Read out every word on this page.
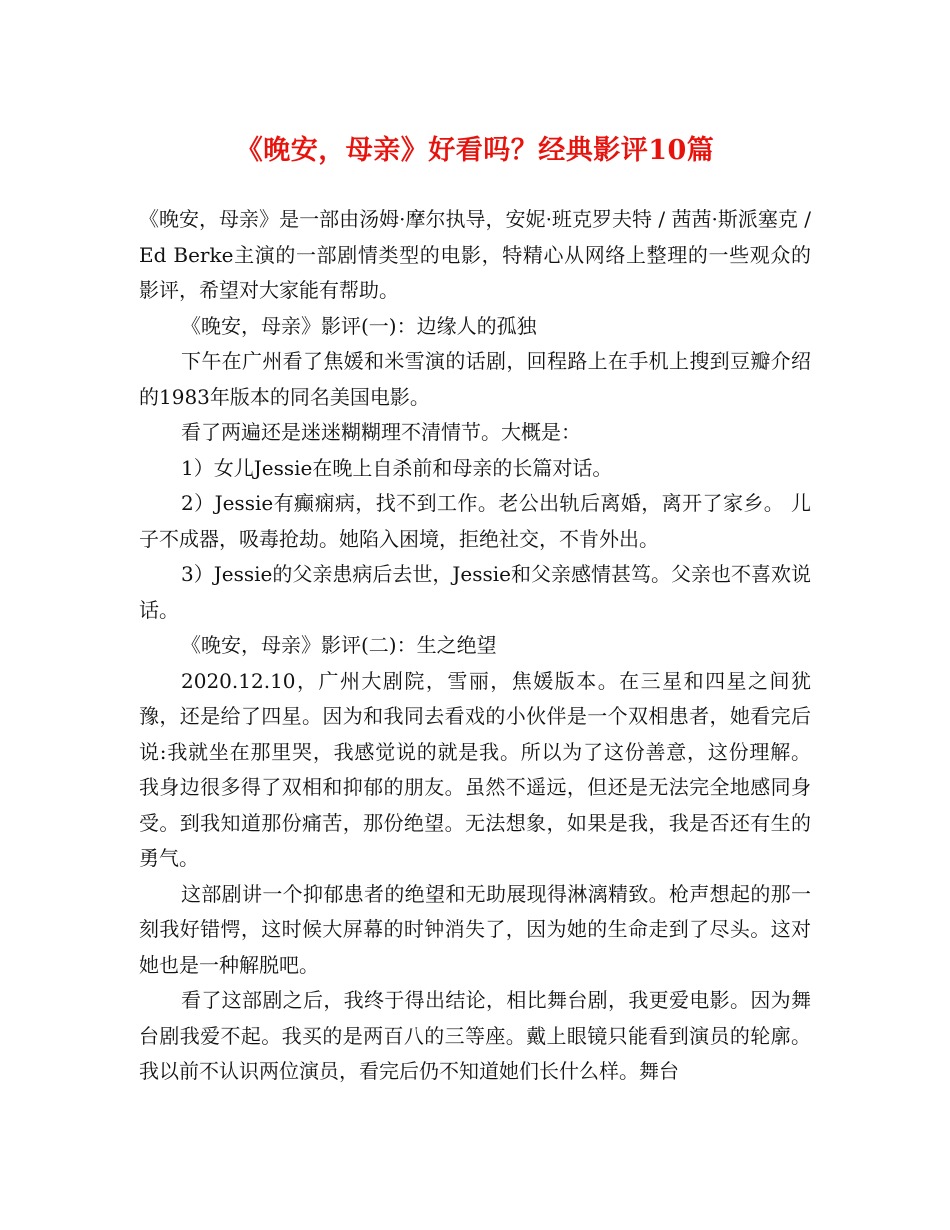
《晚安，母亲》好看吗？经典影评10篇

《晚安，母亲》是一部由汤姆·摩尔执导，安妮·班克罗夫特 / 茜茜·斯派塞克 / Ed Berke主演的一部剧情类型的电影，特精心从网络上整理的一些观众的影评，希望对大家能有帮助。

《晚安，母亲》影评(一)：边缘人的孤独

下午在广州看了焦媛和米雪演的话剧，回程路上在手机上搜到豆瓣介绍的1983年版本的同名美国电影。

看了两遍还是迷迷糊糊理不清情节。大概是：

1）女儿Jessie在晚上自杀前和母亲的长篇对话。

2）Jessie有癫痫病，找不到工作。老公出轨后离婚，离开了家乡。 儿子不成器，吸毒抢劫。她陷入困境，拒绝社交，不肯外出。

3）Jessie的父亲患病后去世，Jessie和父亲感情甚笃。父亲也不喜欢说话。

《晚安，母亲》影评(二)：生之绝望

2020.12.10，广州大剧院，雪丽，焦媛版本。在三星和四星之间犹豫，还是给了四星。因为和我同去看戏的小伙伴是一个双相患者，她看完后说:我就坐在那里哭，我感觉说的就是我。所以为了这份善意，这份理解。 我身边很多得了双相和抑郁的朋友。虽然不遥远，但还是无法完全地感同身受。到我知道那份痛苦，那份绝望。无法想象，如果是我，我是否还有生的勇气。

这部剧讲一个抑郁患者的绝望和无助展现得淋漓精致。枪声想起的那一刻我好错愕，这时候大屏幕的时钟消失了，因为她的生命走到了尽头。这对她也是一种解脱吧。

看了这部剧之后，我终于得出结论，相比舞台剧，我更爱电影。因为舞台剧我爱不起。我买的是两百八的三等座。戴上眼镜只能看到演员的轮廓。我以前不认识两位演员，看完后仍不知道她们长什么样。舞台
